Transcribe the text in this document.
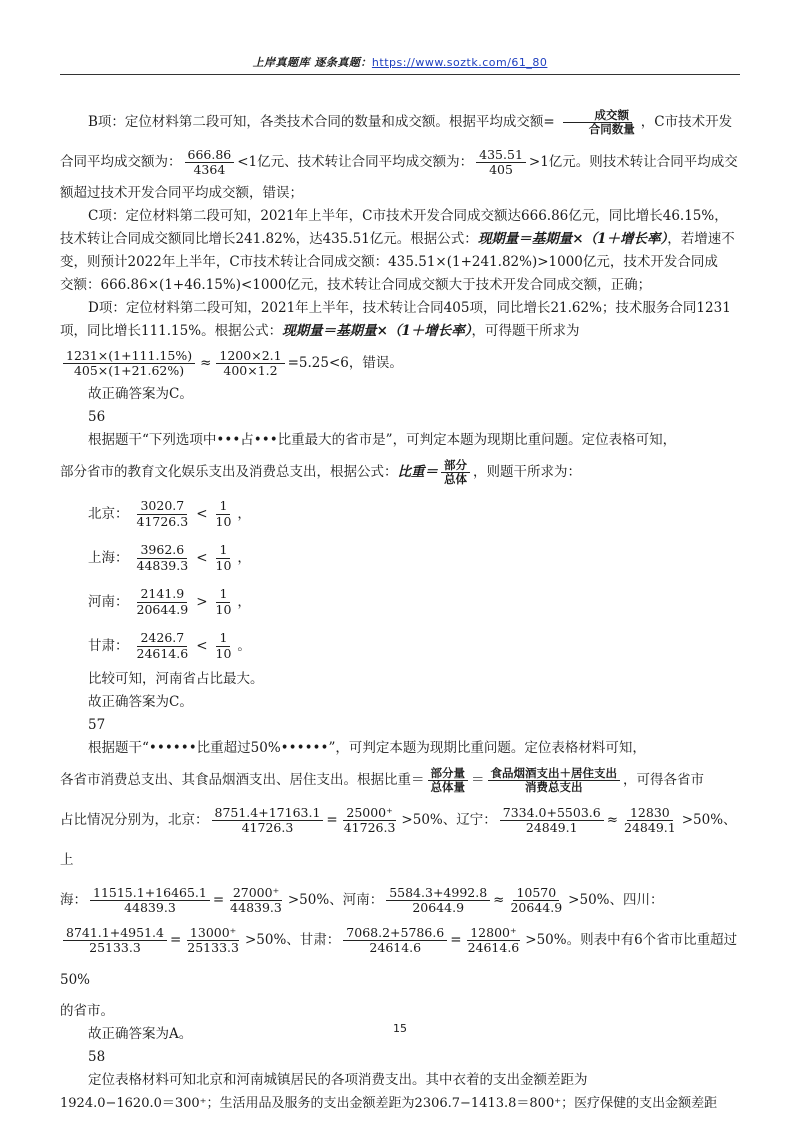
上岸真题库 逐条真题：https://www.soztk.com/61_80

B项：定位材料第二段可知，各类技术合同的数量和成交额。根据平均成交额= $\frac{\text{成交额}}{\text{合同数量}}$ ，C市技术开发

合同平均成交额为： $\frac{666.86}{4364} <1$亿元、技术转让合同平均成交额为： $\frac{435.51}{405} >1$亿元。则技术转让合同平均成交

额超过技术开发合同平均成交额，错误；

C项：定位材料第二段可知，2021年上半年，C市技术开发合同成交额达666.86亿元，同比增长46.15%，

技术转让合同成交额同比增长241.82%，达435.51亿元。根据公式：现期量＝基期量×（1＋增长率），若增速不

变，则预计2022年上半年，C市技术转让合同成交额：435.51×(1+241.82%)>1000亿元，技术开发合同成

交额：666.86×(1+46.15%)<1000亿元，技术转让合同成交额大于技术开发合同成交额，正确；

D项：定位材料第二段可知，2021年上半年，技术转让合同405项，同比增长21.62%；技术服务合同1231

项，同比增长111.15%。根据公式：现期量＝基期量×（1＋增长率），可得题干所求为

$\frac{1231\times(1+111.15\%)}{405\times(1+21.62\%)} \approx \frac{1200\times 2.1}{400\times 1.2} =5.25<6$，错误。

故正确答案为C。

56

根据题干“下列选项中•••占•••比重最大的省市是”，可判定本题为现期比重问题。定位表格可知，

部分省市的教育文化娱乐支出及消费总支出，根据公式：比重＝ $\frac{\text{部分}}{\text{总体}}$ ，则题干所求为：

北京： $\frac{3020.7}{41726.3} < \frac{1}{10}$ ，
上海： $\frac{3962.6}{44839.3} < \frac{1}{10}$ ，
河南： $\frac{2141.9}{20644.9} > \frac{1}{10}$ ，
甘肃： $\frac{2426.7}{24614.6} < \frac{1}{10}$ 。

比较可知，河南省占比最大。

故正确答案为C。

57

根据题干“••••••比重超过50%••••••”，可判定本题为现期比重问题。定位表格材料可知，

各省市消费总支出、其食品烟酒支出、居住支出。根据比重＝ $\frac{\text{部分量}}{\text{总体量}} = \frac{\text{食品烟酒支出＋居住支出}}{\text{消费总支出}}$ ，可得各省市

占比情况分别为，北京： $\frac{8751.4+17163.1}{41726.3} = \frac{25000^+}{41726.3} >50\%$、辽宁： $\frac{7334.0+5503.6}{24849.1} \approx \frac{12830}{24849.1} >50\%$、上

海： $\frac{11515.1+16465.1}{44839.3} = \frac{27000^+}{44839.3} >50\%$、河南： $\frac{5584.3+4992.8}{20644.9} \approx \frac{10570}{20644.9} >50\%$、四川：

$\frac{8741.1+4951.4}{25133.3} = \frac{13000^+}{25133.3} >50\%$、甘肃： $\frac{7068.2+5786.6}{24614.6} = \frac{12800^+}{24614.6} >50\%$。则表中有6个省市比重超过50%

的省市。

故正确答案为A。

58

定位表格材料可知北京和河南城镇居民的各项消费支出。其中衣着的支出金额差距为

1924.0−1620.0＝300⁺；生活用品及服务的支出金额差距为2306.7−1413.8＝800⁺；医疗保健的支出金额差距

15
